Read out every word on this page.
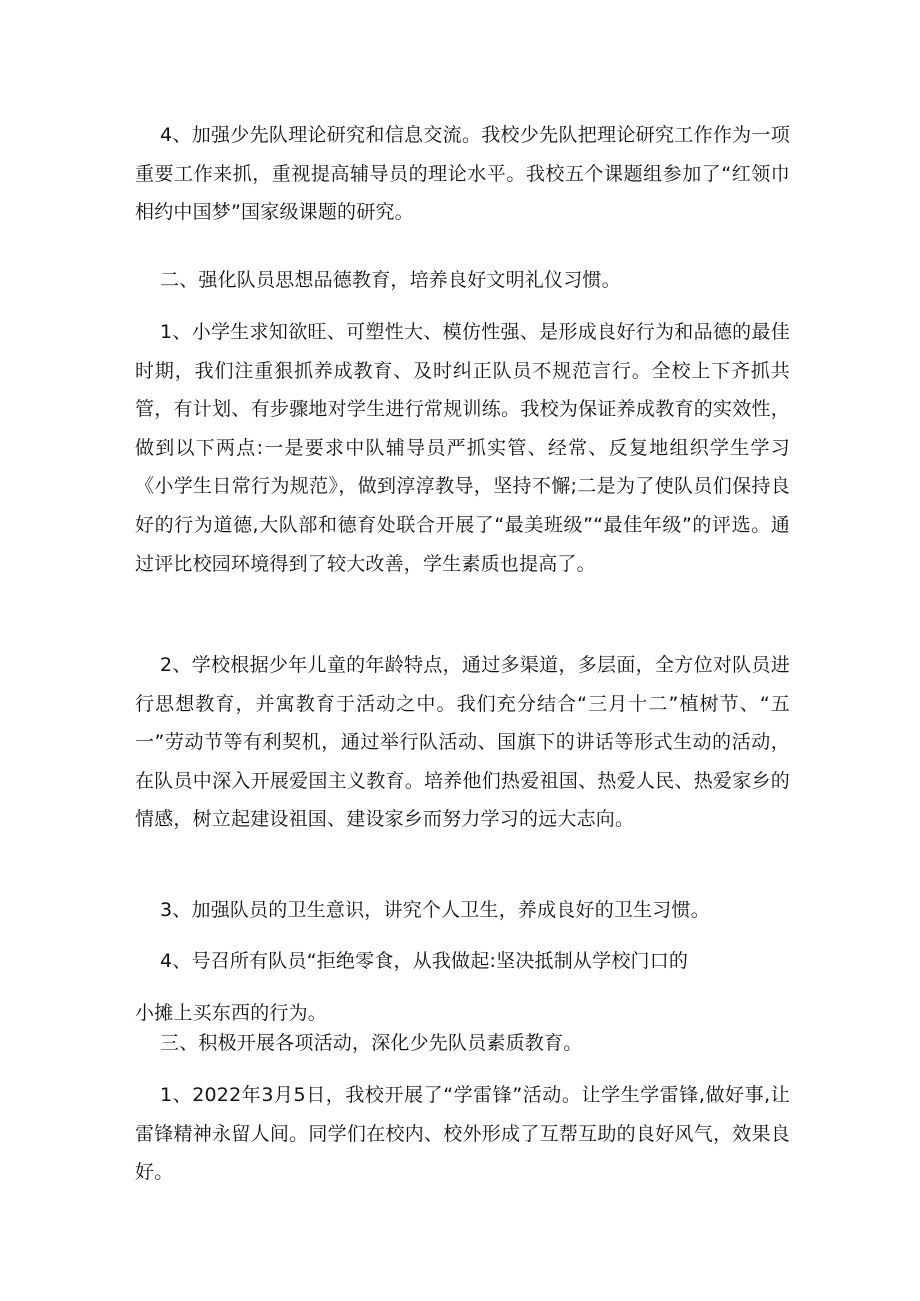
4、加强少先队理论研究和信息交流。我校少先队把理论研究工作作为一项重要工作来抓，重视提高辅导员的理论水平。我校五个课题组参加了“红领巾相约中国梦”国家级课题的研究。

二、强化队员思想品德教育，培养良好文明礼仪习惯。

1、小学生求知欲旺、可塑性大、模仿性强、是形成良好行为和品德的最佳时期，我们注重狠抓养成教育、及时纠正队员不规范言行。全校上下齐抓共管，有计划、有步骤地对学生进行常规训练。我校为保证养成教育的实效性，做到以下两点:一是要求中队辅导员严抓实管、经常、反复地组织学生学习《小学生日常行为规范》，做到淳淳教导，坚持不懈;二是为了使队员们保持良好的行为道德,大队部和德育处联合开展了“最美班级”“最佳年级”的评选。通过评比校园环境得到了较大改善，学生素质也提高了。

2、学校根据少年儿童的年龄特点，通过多渠道，多层面，全方位对队员进行思想教育，并寓教育于活动之中。我们充分结合“三月十二”植树节、“五一”劳动节等有利契机，通过举行队活动、国旗下的讲话等形式生动的活动，在队员中深入开展爱国主义教育。培养他们热爱祖国、热爱人民、热爱家乡的情感，树立起建设祖国、建设家乡而努力学习的远大志向。

3、加强队员的卫生意识，讲究个人卫生，养成良好的卫生习惯。

4、号召所有队员“拒绝零食，从我做起:坚决抵制从学校门口的

小摊上买东西的行为。

三、积极开展各项活动，深化少先队员素质教育。

1、2022年3月5日，我校开展了“学雷锋”活动。让学生学雷锋,做好事,让雷锋精神永留人间。同学们在校内、校外形成了互帮互助的良好风气，效果良好。
